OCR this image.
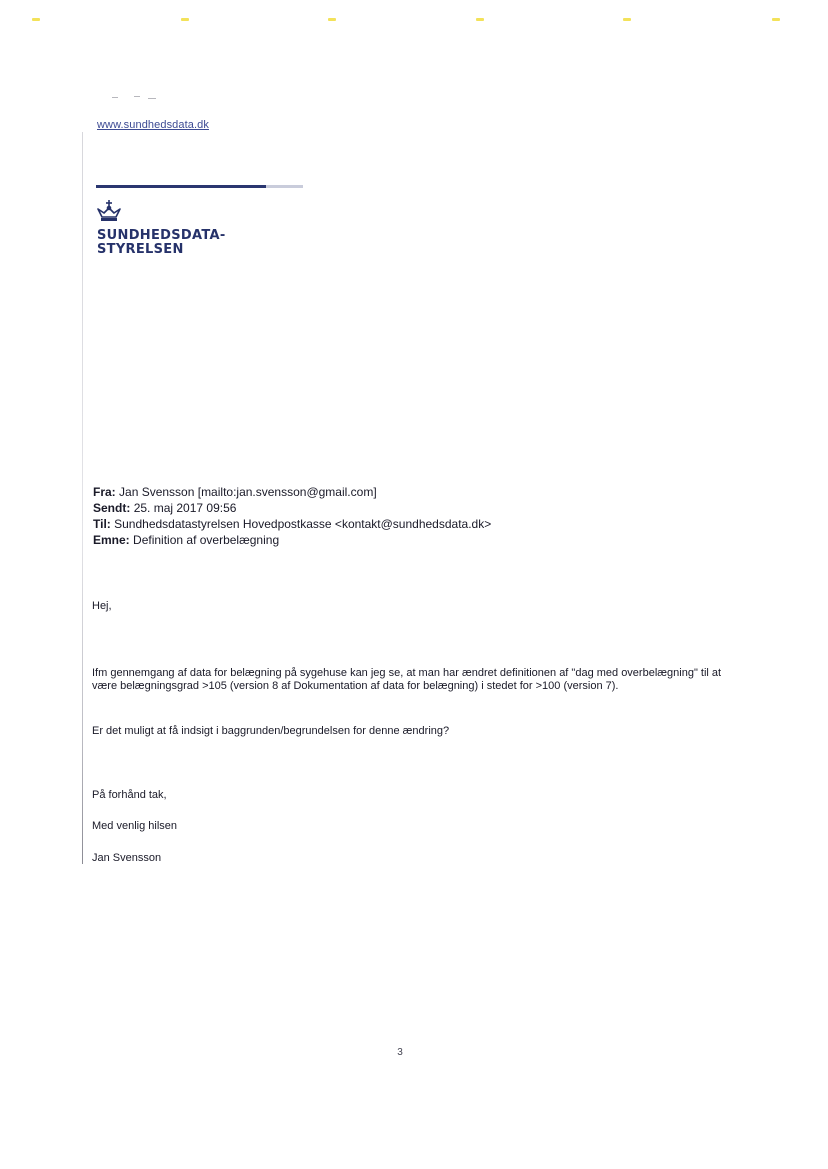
www.sundhedsdata.dk
SUNDHEDSDATA-
STYRELSEN
Fra: Jan Svensson [mailto:jan.svensson@gmail.com]
Sendt: 25. maj 2017 09:56
Til: Sundhedsdatastyrelsen Hovedpostkasse <kontakt@sundhedsdata.dk>
Emne: Definition af overbelægning
Hej,
Ifm gennemgang af data for belægning på sygehuse kan jeg se, at man har ændret definitionen af "dag med overbelægning" til at være belægningsgrad >105 (version 8 af Dokumentation af data for belægning) i stedet for >100 (version 7).
Er det muligt at få indsigt i baggrunden/begrundelsen for denne ændring?
På forhånd tak,
Med venlig hilsen
Jan Svensson
3
